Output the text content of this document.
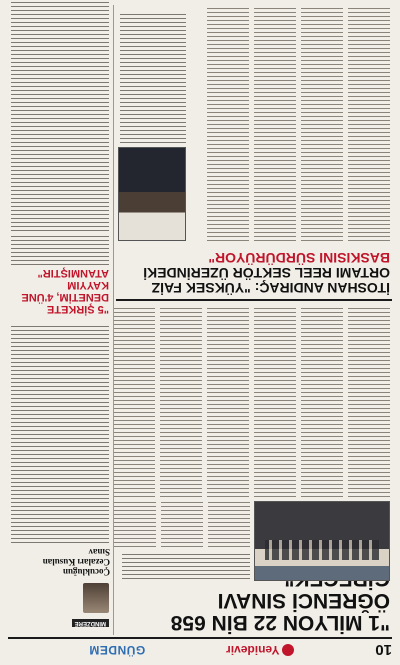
10
Yenidevir
GÜNDEM
"1 MİLYON 22 BİN 658 ÖĞRENCİ SINAVI
İTOSHAN ANDIRAÇ: "YÜKSEK FAİZ ORTAMI REEL SEKTÖR ÜZERİNDEKİ BASKISINI SÜRDÜRÜYOR"
MİNDZERE
Çocukluğun Cezaları Kusulan Sınav
"5 ŞİRKETE DENETİM, 4'ÜNE KAYYIM ATANMIŞTIR"
